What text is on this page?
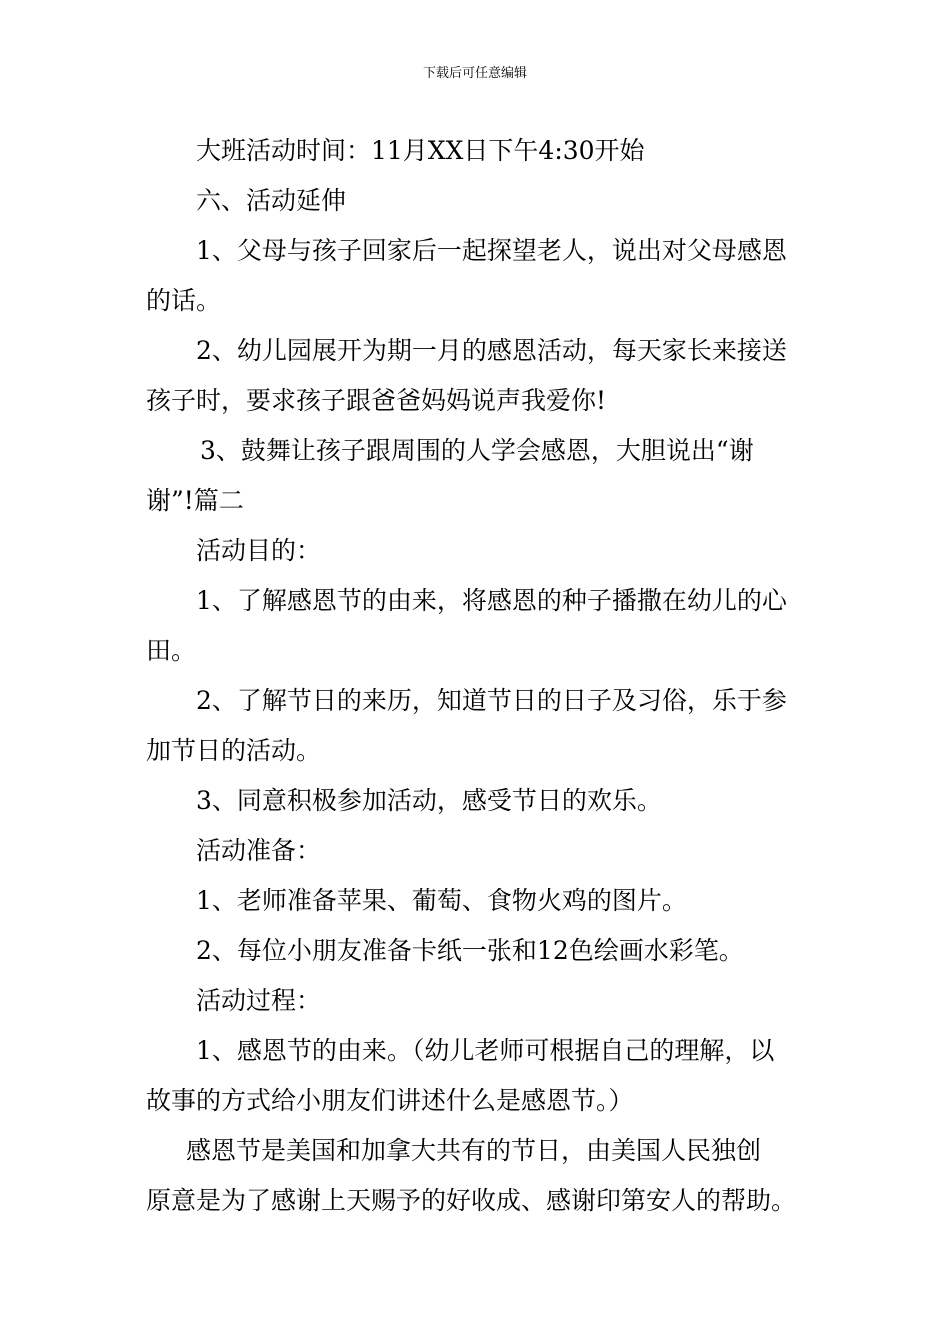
下载后可任意编辑
大班活动时间：11月XX日下午4:30开始
六、活动延伸
1、父母与孩子回家后一起探望老人，说出对父母感恩
的话。
2、幼儿园展开为期一月的感恩活动，每天家长来接送
孩子时，要求孩子跟爸爸妈妈说声我爱你!
3、鼓舞让孩子跟周围的人学会感恩，大胆说出“谢
谢”!篇二
活动目的：
1、了解感恩节的由来，将感恩的种子播撒在幼儿的心
田。
2、了解节日的来历，知道节日的日子及习俗，乐于参
加节日的活动。
3、同意积极参加活动，感受节日的欢乐。
活动准备：
1、老师准备苹果、葡萄、食物火鸡的图片。
2、每位小朋友准备卡纸一张和12色绘画水彩笔。
活动过程：
1、感恩节的由来。（幼儿老师可根据自己的理解，以
故事的方式给小朋友们讲述什么是感恩节。）
感恩节是美国和加拿大共有的节日，由美国人民独创
原意是为了感谢上天赐予的好收成、感谢印第安人的帮助。
